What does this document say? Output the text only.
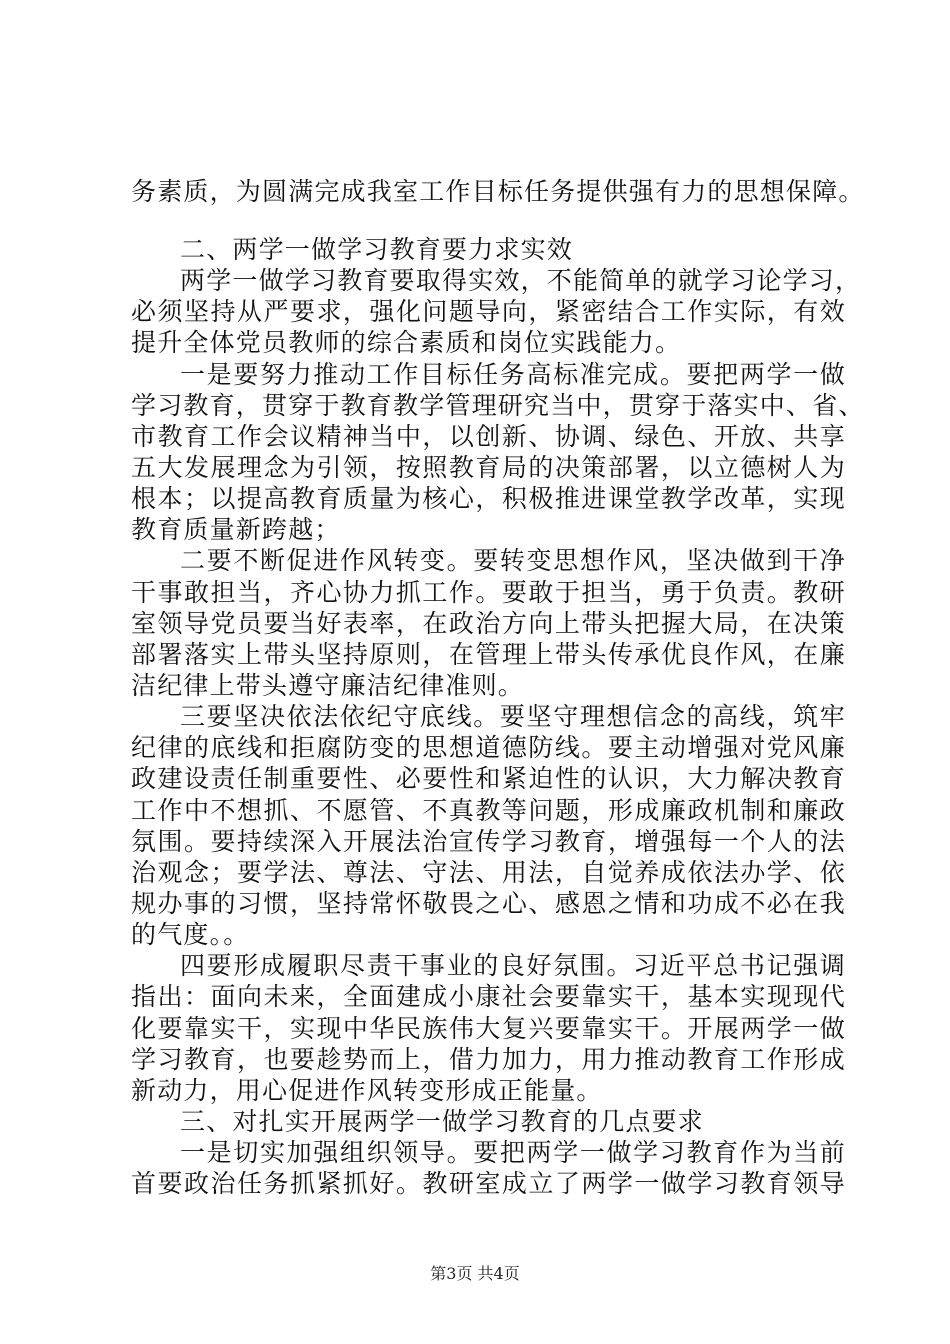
务素质，为圆满完成我室工作目标任务提供强有力的思想保障。
二、两学一做学习教育要力求实效
两学一做学习教育要取得实效，不能简单的就学习论学习，
必须坚持从严要求，强化问题导向，紧密结合工作实际，有效
提升全体党员教师的综合素质和岗位实践能力。
一是要努力推动工作目标任务高标准完成。要把两学一做
学习教育，贯穿于教育教学管理研究当中，贯穿于落实中、省、
市教育工作会议精神当中，以创新、协调、绿色、开放、共享
五大发展理念为引领，按照教育局的决策部署，以立德树人为
根本；以提高教育质量为核心，积极推进课堂教学改革，实现
教育质量新跨越；
二要不断促进作风转变。要转变思想作风，坚决做到干净
干事敢担当，齐心协力抓工作。要敢于担当，勇于负责。教研
室领导党员要当好表率，在政治方向上带头把握大局，在决策
部署落实上带头坚持原则，在管理上带头传承优良作风，在廉
洁纪律上带头遵守廉洁纪律准则。
三要坚决依法依纪守底线。要坚守理想信念的高线，筑牢
纪律的底线和拒腐防变的思想道德防线。要主动增强对党风廉
政建设责任制重要性、必要性和紧迫性的认识，大力解决教育
工作中不想抓、不愿管、不真教等问题，形成廉政机制和廉政
氛围。要持续深入开展法治宣传学习教育，增强每一个人的法
治观念；要学法、尊法、守法、用法，自觉养成依法办学、依
规办事的习惯，坚持常怀敬畏之心、感恩之情和功成不必在我
的气度。。
四要形成履职尽责干事业的良好氛围。习近平总书记强调
指出：面向未来，全面建成小康社会要靠实干，基本实现现代
化要靠实干，实现中华民族伟大复兴要靠实干。开展两学一做
学习教育，也要趁势而上，借力加力，用力推动教育工作形成
新动力，用心促进作风转变形成正能量。
三、对扎实开展两学一做学习教育的几点要求
一是切实加强组织领导。要把两学一做学习教育作为当前
首要政治任务抓紧抓好。教研室成立了两学一做学习教育领导
第3页 共4页
